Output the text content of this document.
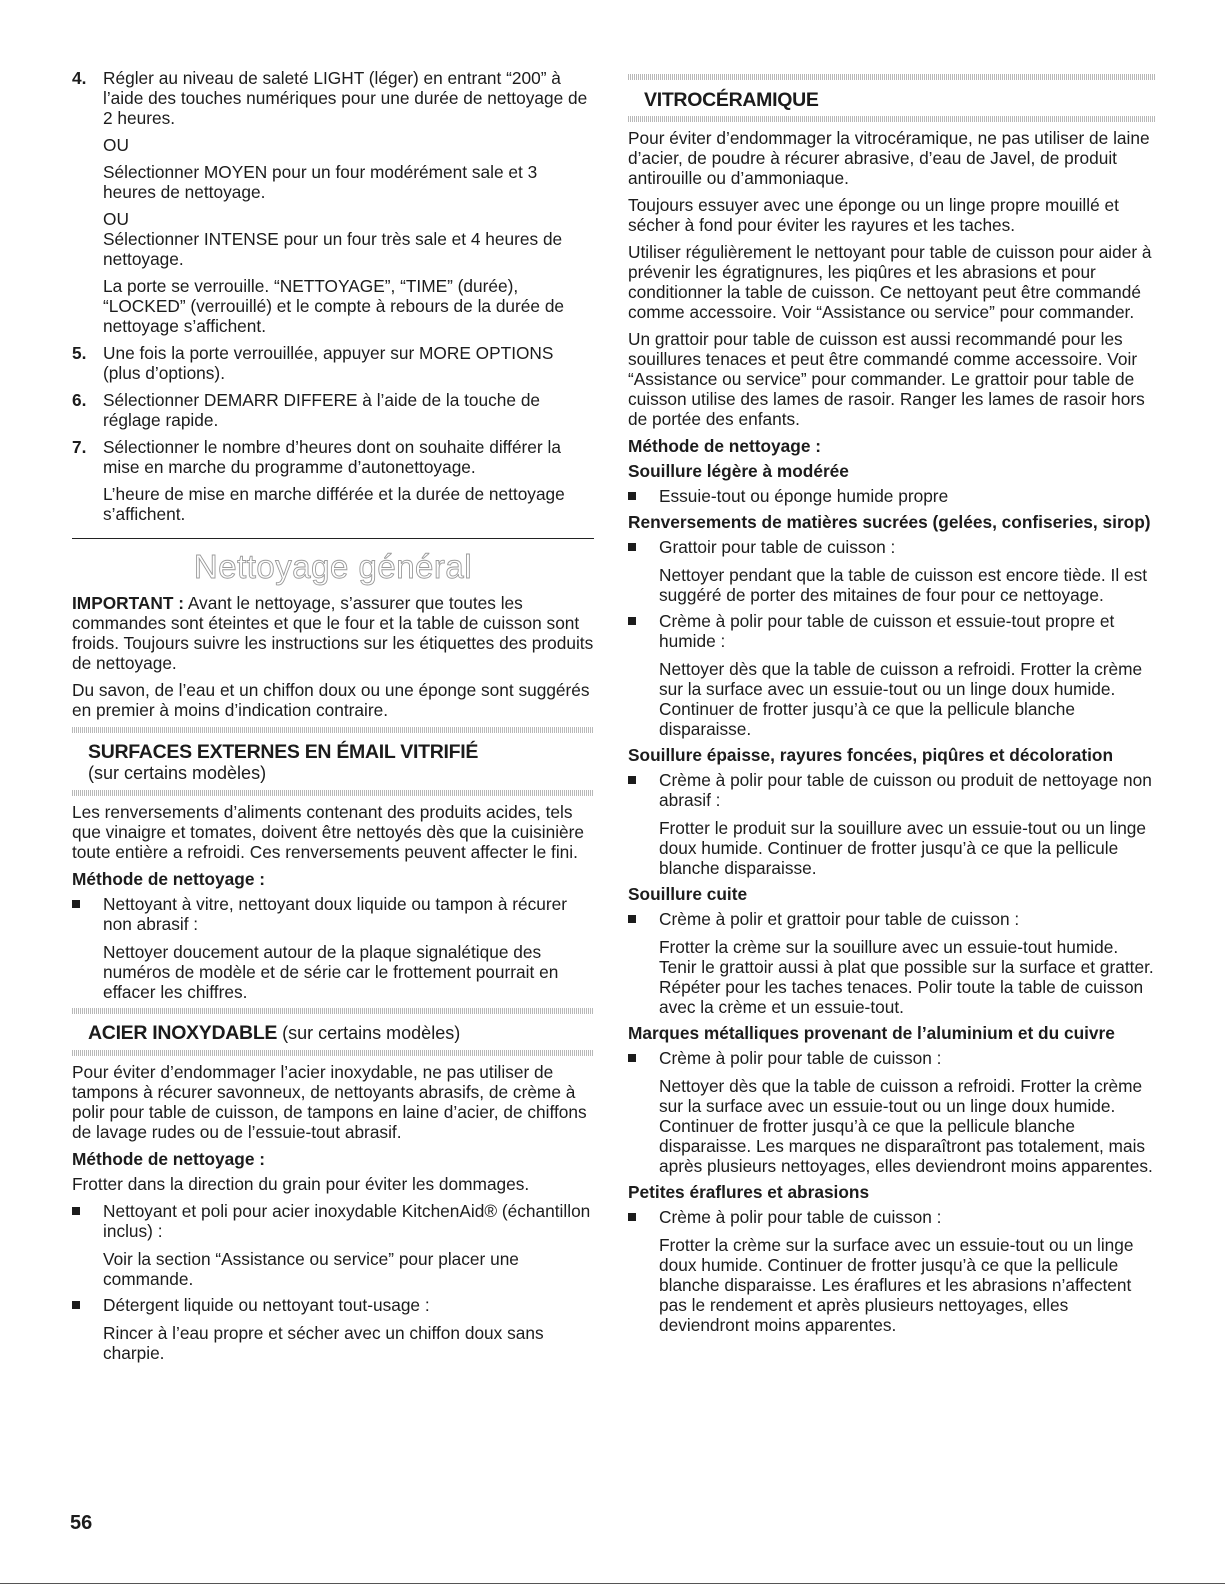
4. Régler au niveau de saleté LIGHT (léger) en entrant “200” à l’aide des touches numériques pour une durée de nettoyage de 2 heures.

OU

Sélectionner MOYEN pour un four modérément sale et 3 heures de nettoyage.

OU

Sélectionner INTENSE pour un four très sale et 4 heures de nettoyage.

La porte se verrouille. “NETTOYAGE”, “TIME” (durée), “LOCKED” (verrouillé) et le compte à rebours de la durée de nettoyage s’affichent.

5. Une fois la porte verrouillée, appuyer sur MORE OPTIONS (plus d’options).

6. Sélectionner DEMARR DIFFERE à l’aide de la touche de réglage rapide.

7. Sélectionner le nombre d’heures dont on souhaite différer la mise en marche du programme d’autonettoyage.

L’heure de mise en marche différée et la durée de nettoyage s’affichent.

Nettoyage général

IMPORTANT : Avant le nettoyage, s’assurer que toutes les commandes sont éteintes et que le four et la table de cuisson sont froids. Toujours suivre les instructions sur les étiquettes des produits de nettoyage.

Du savon, de l’eau et un chiffon doux ou une éponge sont suggérés en premier à moins d’indication contraire.

SURFACES EXTERNES EN ÉMAIL VITRIFIÉ

(sur certains modèles)

Les renversements d’aliments contenant des produits acides, tels que vinaigre et tomates, doivent être nettoyés dès que la cuisinière toute entière a refroidi. Ces renversements peuvent affecter le fini.

Méthode de nettoyage :

Nettoyant à vitre, nettoyant doux liquide ou tampon à récurer non abrasif :

Nettoyer doucement autour de la plaque signalétique des numéros de modèle et de série car le frottement pourrait en effacer les chiffres.

ACIER INOXYDABLE (sur certains modèles)

Pour éviter d’endommager l’acier inoxydable, ne pas utiliser de tampons à récurer savonneux, de nettoyants abrasifs, de crème à polir pour table de cuisson, de tampons en laine d’acier, de chiffons de lavage rudes ou de l’essuie-tout abrasif.

Méthode de nettoyage :

Frotter dans la direction du grain pour éviter les dommages.

Nettoyant et poli pour acier inoxydable KitchenAid® (échantillon inclus) :

Voir la section “Assistance ou service” pour placer une commande.

Détergent liquide ou nettoyant tout-usage :

Rincer à l’eau propre et sécher avec un chiffon doux sans charpie.

VITROCÉRAMIQUE

Pour éviter d’endommager la vitrocéramique, ne pas utiliser de laine d’acier, de poudre à récurer abrasive, d’eau de Javel, de produit antirouille ou d’ammoniaque.

Toujours essuyer avec une éponge ou un linge propre mouillé et sécher à fond pour éviter les rayures et les taches.

Utiliser régulièrement le nettoyant pour table de cuisson pour aider à prévenir les égratignures, les piqûres et les abrasions et pour conditionner la table de cuisson. Ce nettoyant peut être commandé comme accessoire. Voir “Assistance ou service” pour commander.

Un grattoir pour table de cuisson est aussi recommandé pour les souillures tenaces et peut être commandé comme accessoire. Voir “Assistance ou service” pour commander. Le grattoir pour table de cuisson utilise des lames de rasoir. Ranger les lames de rasoir hors de portée des enfants.

Méthode de nettoyage :

Souillure légère à modérée

Essuie-tout ou éponge humide propre

Renversements de matières sucrées (gelées, confiseries, sirop)

Grattoir pour table de cuisson :

Nettoyer pendant que la table de cuisson est encore tiède. Il est suggéré de porter des mitaines de four pour ce nettoyage.

Crème à polir pour table de cuisson et essuie-tout propre et humide :

Nettoyer dès que la table de cuisson a refroidi. Frotter la crème sur la surface avec un essuie-tout ou un linge doux humide. Continuer de frotter jusqu’à ce que la pellicule blanche disparaisse.

Souillure épaisse, rayures foncées, piqûres et décoloration

Crème à polir pour table de cuisson ou produit de nettoyage non abrasif :

Frotter le produit sur la souillure avec un essuie-tout ou un linge doux humide. Continuer de frotter jusqu’à ce que la pellicule blanche disparaisse.

Souillure cuite

Crème à polir et grattoir pour table de cuisson :

Frotter la crème sur la souillure avec un essuie-tout humide. Tenir le grattoir aussi à plat que possible sur la surface et gratter. Répéter pour les taches tenaces. Polir toute la table de cuisson avec la crème et un essuie-tout.

Marques métalliques provenant de l’aluminium et du cuivre

Crème à polir pour table de cuisson :

Nettoyer dès que la table de cuisson a refroidi. Frotter la crème sur la surface avec un essuie-tout ou un linge doux humide. Continuer de frotter jusqu’à ce que la pellicule blanche disparaisse. Les marques ne disparaîtront pas totalement, mais après plusieurs nettoyages, elles deviendront moins apparentes.

Petites éraflures et abrasions

Crème à polir pour table de cuisson :

Frotter la crème sur la surface avec un essuie-tout ou un linge doux humide. Continuer de frotter jusqu’à ce que la pellicule blanche disparaisse. Les éraflures et les abrasions n’affectent pas le rendement et après plusieurs nettoyages, elles deviendront moins apparentes.

56
